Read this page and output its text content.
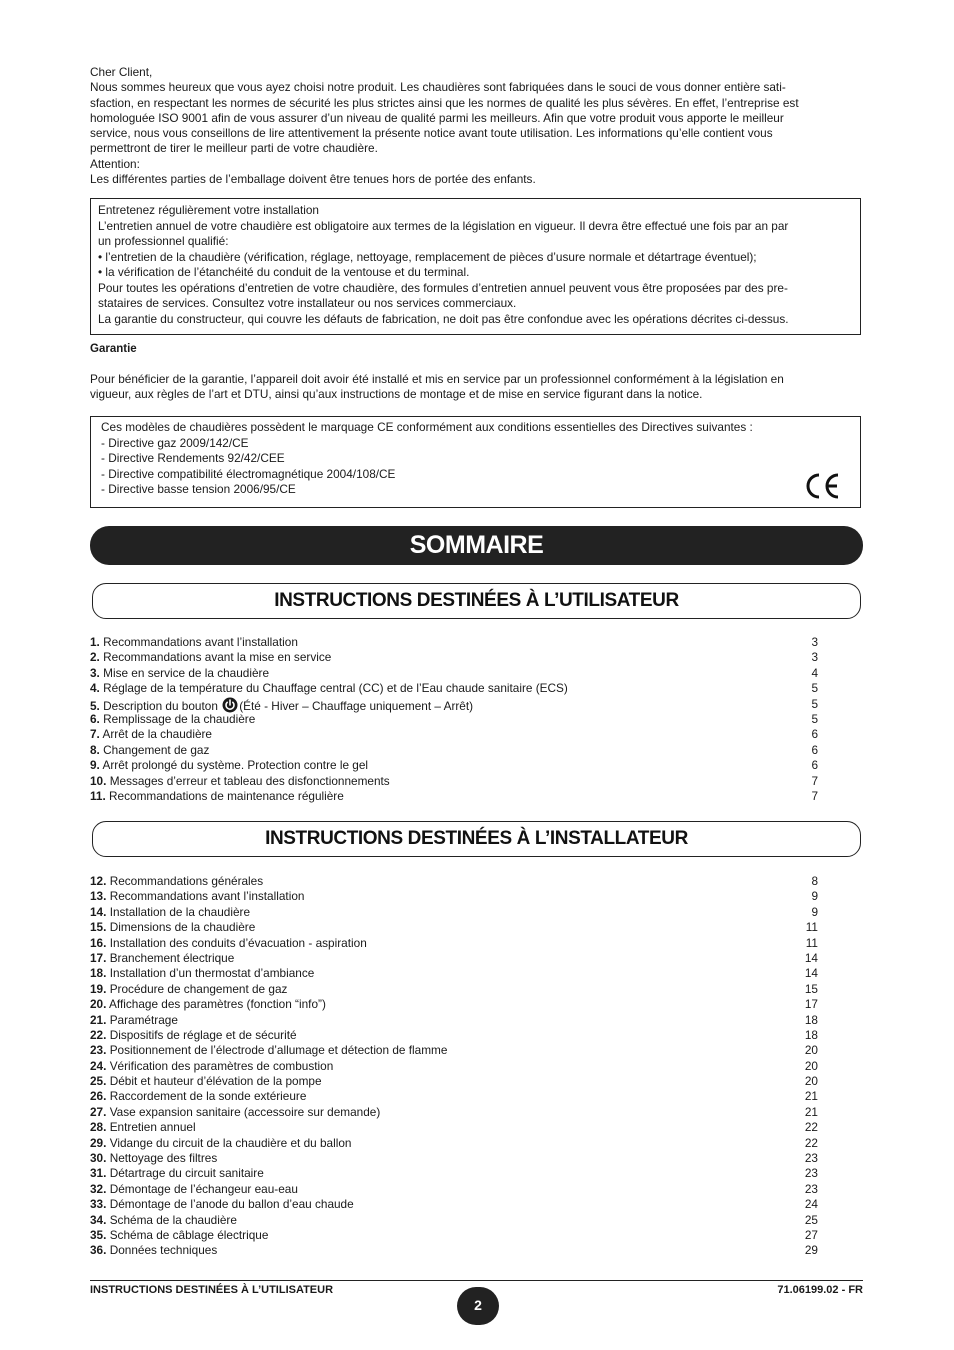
Cher Client,
Nous sommes heureux que vous ayez choisi notre produit. Les chaudières sont fabriquées dans le souci de vous donner entière sati-
sfaction, en respectant les normes de sécurité les plus strictes ainsi que les normes de qualité les plus sévères. En effet, l’entreprise est
homologuée ISO 9001 afin de vous assurer d’un niveau de qualité parmi les meilleurs. Afin que votre produit vous apporte le meilleur
service, nous vous conseillons de lire attentivement la présente notice avant toute utilisation. Les informations qu’elle contient vous
permettront de tirer le meilleur parti de votre chaudière.
Attention:
Les différentes parties de l’emballage doivent être tenues hors de portée des enfants.
Entretenez régulièrement votre installation
L’entretien annuel de votre chaudière est obligatoire aux termes de la législation en vigueur. Il devra être effectué une fois par an par
un professionnel qualifié:
• l’entretien de la chaudière (vérification, réglage, nettoyage, remplacement de pièces d’usure normale et détartrage éventuel);
• la vérification de l’étanchéité du conduit de la ventouse et du terminal.
Pour toutes les opérations d’entretien de votre chaudière, des formules d’entretien annuel peuvent vous être proposées par des pre-
stataires de services. Consultez votre installateur ou nos services commerciaux.
La garantie du constructeur, qui couvre les défauts de fabrication, ne doit pas être confondue avec les opérations décrites ci-dessus.
Garantie
Pour bénéficier de la garantie, l’appareil doit avoir été installé et mis en service par un professionnel conformément à la législation en
vigueur, aux règles de l’art et DTU, ainsi qu’aux instructions de montage et de mise en service figurant dans la notice.
Ces modèles de chaudières possèdent le marquage CE conformément aux conditions essentielles des Directives suivantes :
- Directive gaz 2009/142/CE
- Directive Rendements 92/42/CEE
- Directive compatibilité électromagnétique 2004/108/CE
- Directive basse tension 2006/95/CE
SOMMAIRE
INSTRUCTIONS DESTINÉES À L’UTILISATEUR
1. Recommandations avant l’installation	3
2. Recommandations avant la mise en service	3
3. Mise en service de la chaudière	4
4. Réglage de la température du Chauffage central (CC) et de l’Eau chaude sanitaire (ECS)	5
5. Description du bouton (Été - Hiver – Chauffage uniquement – Arrêt)	5
6. Remplissage de la chaudière	5
7. Arrêt de la chaudière	6
8. Changement de gaz	6
9. Arrêt prolongé du système. Protection contre le gel	6
10. Messages d’erreur et tableau des disfonctionnements	7
11. Recommandations de maintenance régulière	7
INSTRUCTIONS DESTINÉES À L’INSTALLATEUR
12. Recommandations générales	8
13. Recommandations avant l’installation	9
14. Installation de la chaudière	9
15. Dimensions de la chaudière	11
16. Installation des conduits d’évacuation - aspiration	11
17. Branchement électrique	14
18. Installation d’un thermostat d’ambiance	14
19. Procédure de changement de gaz	15
20. Affichage des paramètres (fonction “info”)	17
21. Paramétrage	18
22. Dispositifs de réglage et de sécurité	18
23. Positionnement de l’électrode d’allumage et détection de flamme	20
24. Vérification des paramètres de combustion	20
25. Débit et hauteur d’élévation de la pompe	20
26. Raccordement de la sonde extérieure	21
27. Vase expansion sanitaire (accessoire sur demande)	21
28. Entretien annuel	22
29. Vidange du circuit de la chaudière et du ballon	22
30. Nettoyage des filtres	23
31. Détartrage du circuit sanitaire	23
32. Démontage de l’échangeur eau-eau	23
33. Démontage de l’anode du ballon d’eau chaude	24
34. Schéma de la chaudière	25
35. Schéma de câblage électrique	27
36. Données techniques	29
INSTRUCTIONS DESTINÉES À L’UTILISATEUR
2
71.06199.02 - FR
